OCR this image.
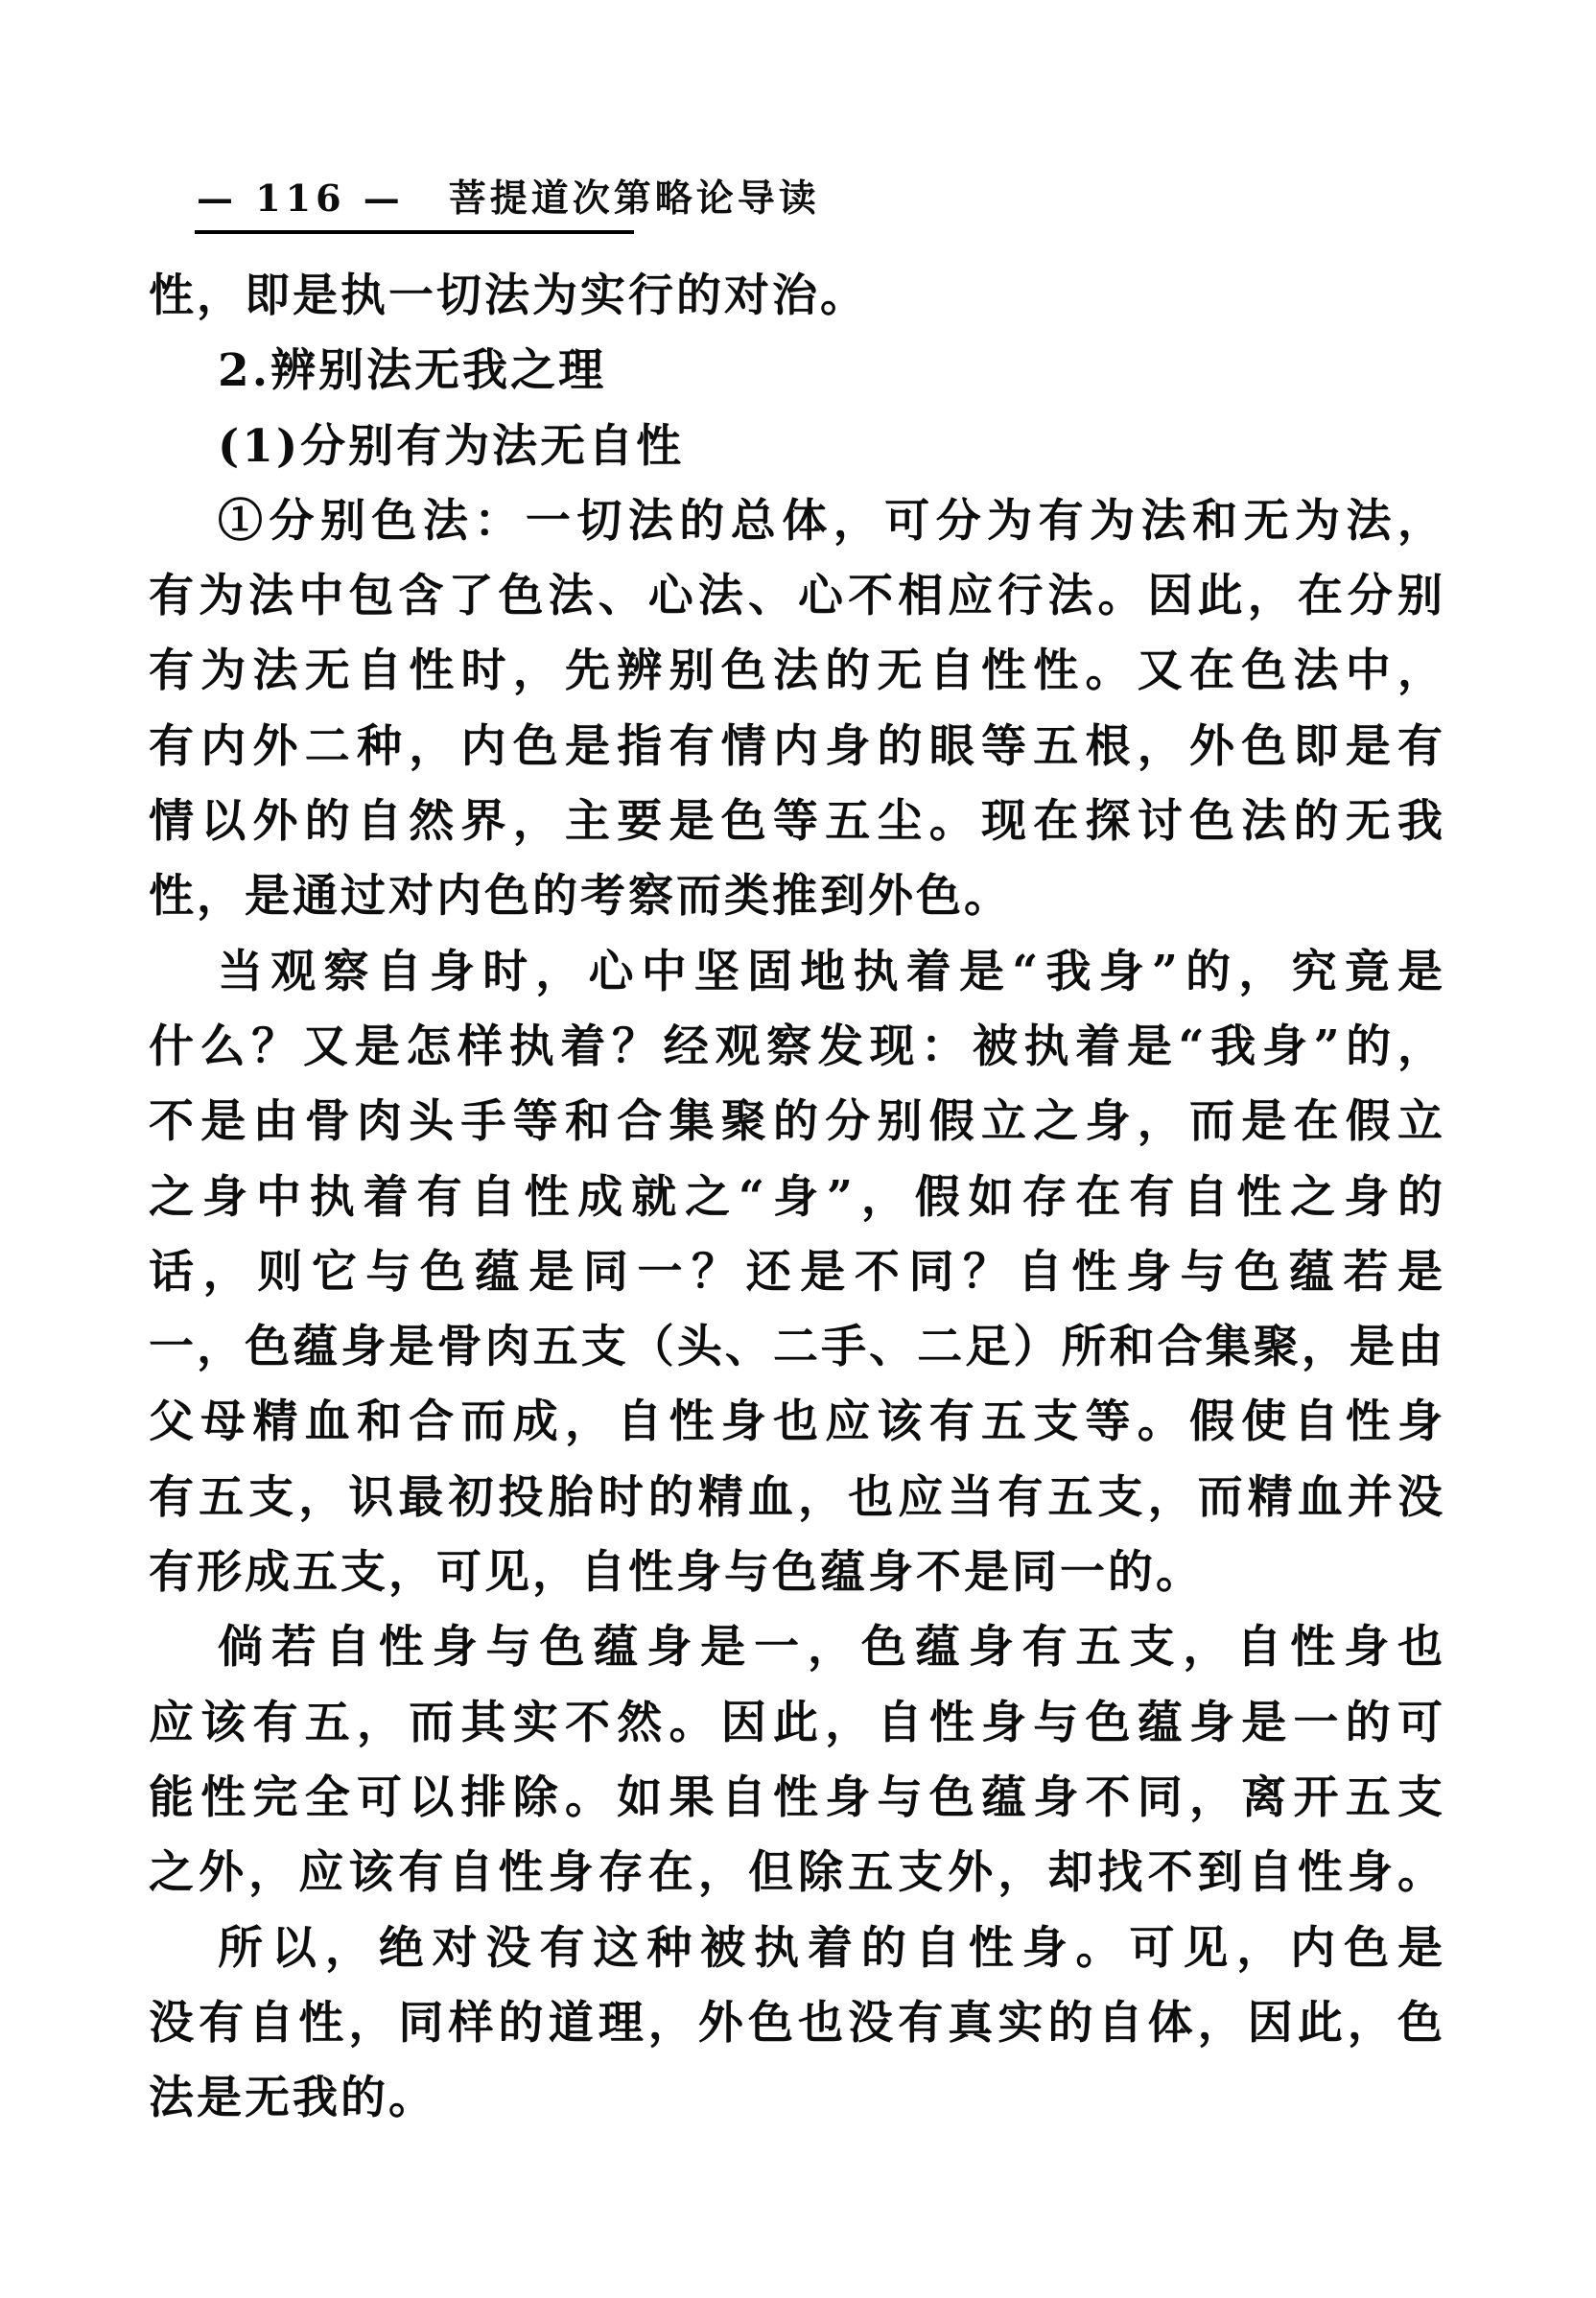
— 116 — 菩提道次第略论导读
性，即是执一切法为实行的对治。
2.辨别法无我之理
(1)分别有为法无自性
①分别色法：一切法的总体，可分为有为法和无为法，
有为法中包含了色法、心法、心不相应行法。因此，在分别
有为法无自性时，先辨别色法的无自性性。又在色法中，
有内外二种，内色是指有情内身的眼等五根，外色即是有
情以外的自然界，主要是色等五尘。现在探讨色法的无我
性，是通过对内色的考察而类推到外色。
当观察自身时，心中坚固地执着是“我身”的，究竟是
什么？又是怎样执着？经观察发现：被执着是“我身”的，
不是由骨肉头手等和合集聚的分别假立之身，而是在假立
之身中执着有自性成就之“身”，假如存在有自性之身的
话，则它与色蕴是同一？还是不同？自性身与色蕴若是
一，色蕴身是骨肉五支（头、二手、二足）所和合集聚，是由
父母精血和合而成，自性身也应该有五支等。假使自性身
有五支，识最初投胎时的精血，也应当有五支，而精血并没
有形成五支，可见，自性身与色蕴身不是同一的。
倘若自性身与色蕴身是一，色蕴身有五支，自性身也
应该有五，而其实不然。因此，自性身与色蕴身是一的可
能性完全可以排除。如果自性身与色蕴身不同，离开五支
之外，应该有自性身存在，但除五支外，却找不到自性身。
所以，绝对没有这种被执着的自性身。可见，内色是
没有自性，同样的道理，外色也没有真实的自体，因此，色
法是无我的。
